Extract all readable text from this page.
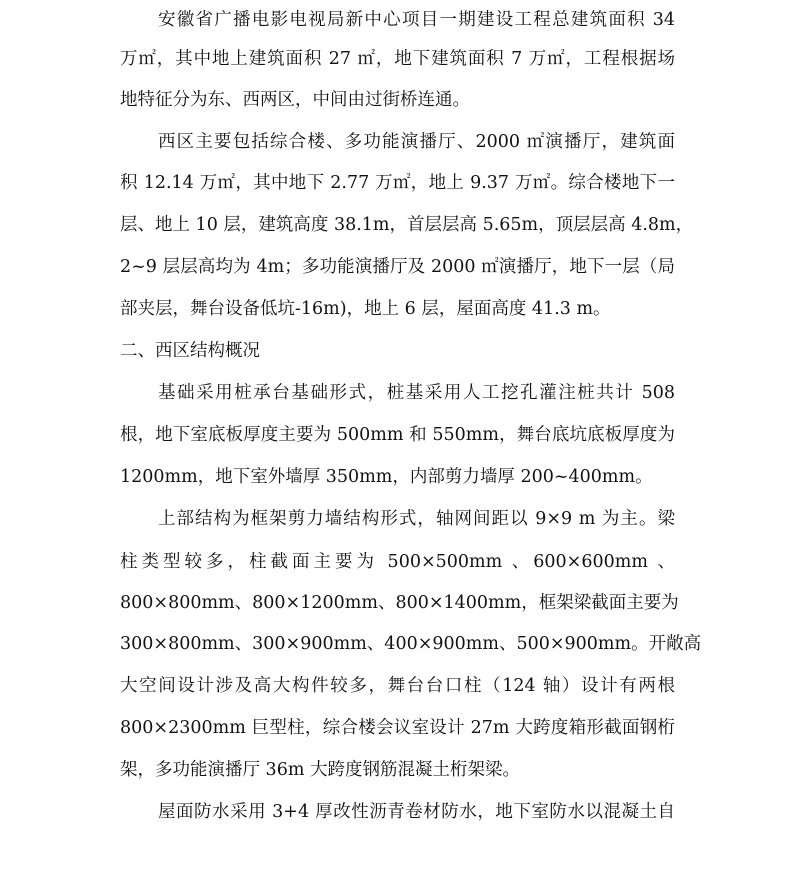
安徽省广播电影电视局新中心项目一期建设工程总建筑面积 34
万㎡，其中地上建筑面积 27 ㎡，地下建筑面积 7 万㎡，工程根据场
地特征分为东、西两区，中间由过街桥连通。
西区主要包括综合楼、多功能演播厅、2000 ㎡演播厅，建筑面
积 12.14 万㎡，其中地下 2.77 万㎡，地上 9.37 万㎡。综合楼地下一
层、地上 10 层，建筑高度 38.1m，首层层高 5.65m，顶层层高 4.8m，
2~9 层层高均为 4m；多功能演播厅及 2000 ㎡演播厅，地下一层（局
部夹层，舞台设备低坑-16m)，地上 6 层，屋面高度 41.3 m。
二、西区结构概况
基础采用桩承台基础形式，桩基采用人工挖孔灌注桩共计 508
根，地下室底板厚度主要为 500mm 和 550mm，舞台底坑底板厚度为
1200mm，地下室外墙厚 350mm，内部剪力墙厚 200~400mm。
上部结构为框架剪力墙结构形式，轴网间距以 9×9 m 为主。梁
柱类型较多，柱截面主要为 500×500mm 、600×600mm 、
800×800mm、800×1200mm、800×1400mm，框架梁截面主要为
300×800mm、300×900mm、400×900mm、500×900mm。开敞高
大空间设计涉及高大构件较多，舞台台口柱（124 轴）设计有两根
800×2300mm 巨型柱，综合楼会议室设计 27m 大跨度箱形截面钢桁
架，多功能演播厅 36m 大跨度钢筋混凝土桁架梁。
屋面防水采用 3+4 厚改性沥青卷材防水，地下室防水以混凝土自
